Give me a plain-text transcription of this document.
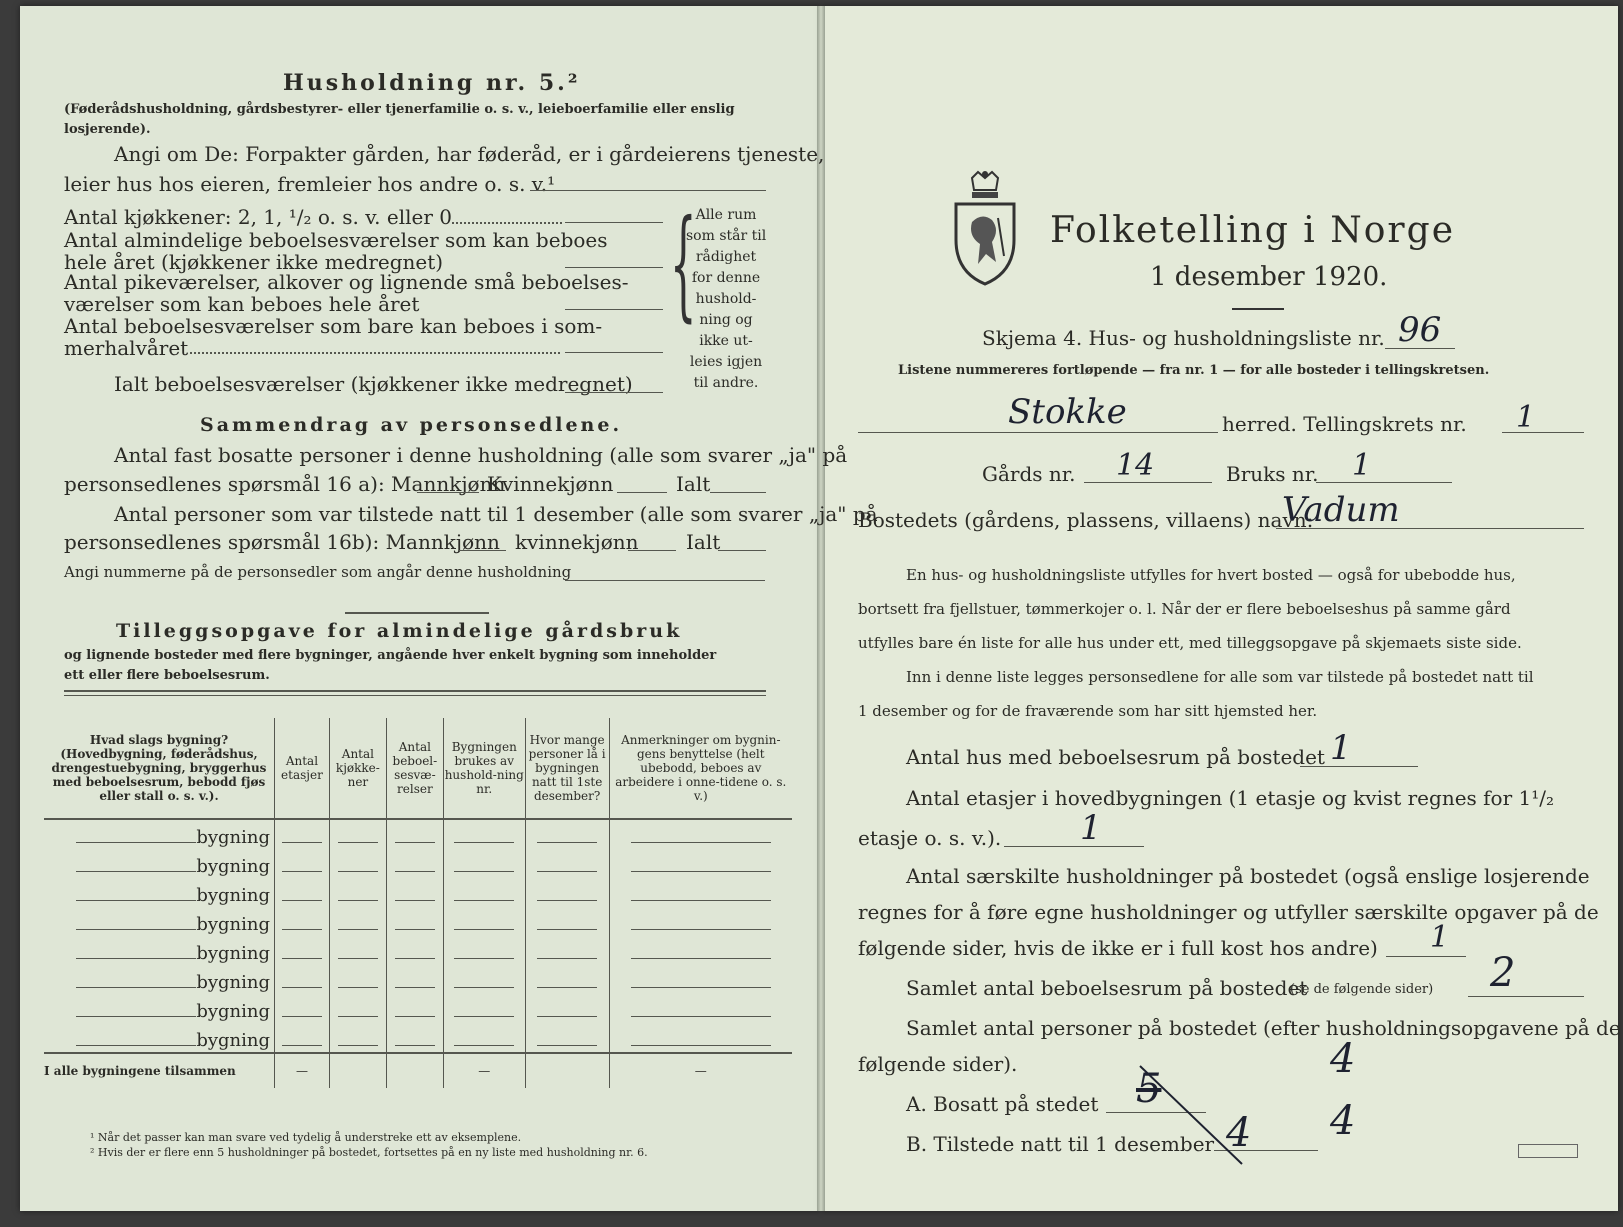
Husholdning nr. 5.²
(Føderådshusholdning, gårdsbestyrer- eller tjenerfamilie o. s. v., leieboerfamilie eller enslig losjerende).
Angi om De: Forpakter gården, har føderåd, er i gårdeierens tjeneste,
leier hus hos eieren, fremleier hos andre o. s. v.¹
Antal kjøkkener: 2, 1, ¹/₂ o. s. v. eller 0
Antal almindelige beboelsesværelser som kan beboes
hele året (kjøkkener ikke medregnet)
Antal pikeværelser, alkover og lignende små beboelses-
værelser som kan beboes hele året
Antal beboelsesværelser som bare kan beboes i som-
merhalvåret
Ialt beboelsesværelser (kjøkkener ikke medregnet)
{ Alle rum
som står til
rådighet
for denne
hushold-
ning og
ikke ut-
leies igjen
til andre.
Sammendrag av personsedlene.
Antal fast bosatte personer i denne husholdning (alle som svarer „ja" på
personsedlenes spørsmål 16 a): Mannkjønn
Kvinnekjønn	Ialt
Antal personer som var tilstede natt til 1 desember (alle som svarer „ja" på
personsedlenes spørsmål 16b): Mannkjønn kvinnekjønn Ialt
Angi nummerne på de personsedler som angår denne husholdning
Tilleggsopgave for almindelige gårdsbruk
og lignende bosteder med flere bygninger, angående hver enkelt bygning som inneholder
ett eller flere beboelsesrum.
Hvad slags bygning? (Hovedbygning, føderådshus, drengestuebygning, bryggerhus med beboelsesrum, bebodd fjøs eller stall o. s. v.).	Antal etasjer	Antal kjøkke-ner	Antal beboel-sesvæ-relser	Bygningen brukes av hushold-ning nr.	Hvor mange personer lå i bygningen natt til 1ste desember?	Anmerkninger om bygnin-gens benyttelse (helt ubebodd, beboes av arbeidere i onne-tidene o. s. v.)
bygning						
bygning						
bygning						
bygning						
bygning						
bygning						
bygning						
bygning						
I alle bygningene tilsammen	—			—		—
¹ Når det passer kan man svare ved tydelig å understreke ett av eksemplene.
² Hvis der er flere enn 5 husholdninger på bostedet, fortsettes på en ny liste med husholdning nr. 6.
Folketelling i Norge
1 desember 1920.
Skjema 4. Hus- og husholdningsliste nr. 96
Listene nummereres fortløpende — fra nr. 1 — for alle bosteder i tellingskretsen.
Stokke	herred. Tellingskrets nr. 1
Gårds nr. 14	Bruks nr. 1
Bostedets (gårdens, plassens, villaens) navn:
Vadum
En hus- og husholdningsliste utfylles for hvert bosted — også for ubebodde hus,
bortsett fra fjellstuer, tømmerkojer o. l. Når der er flere beboelseshus på samme gård
utfylles bare én liste for alle hus under ett, med tilleggsopgave på skjemaets siste side.
Inn i denne liste legges personsedlene for alle som var tilstede på bostedet natt til
1 desember og for de fraværende som har sitt hjemsted her.
Antal hus med beboelsesrum på bostedet 1
Antal etasjer i hovedbygningen (1 etasje og kvist regnes for 1¹/₂
etasje o. s. v.). 1
Antal særskilte husholdninger på bostedet (også enslige losjerende
regnes for å føre egne husholdninger og utfyller særskilte opgaver på de
følgende sider, hvis de ikke er i full kost hos andre) 1
Samlet antal beboelsesrum på bostedet
(se de følgende sider) 2
Samlet antal personer på bostedet (efter husholdningsopgavene på de
følgende sider).
A. Bosatt på stedet 5
4
B. Tilstede natt til 1 desember 4 4
